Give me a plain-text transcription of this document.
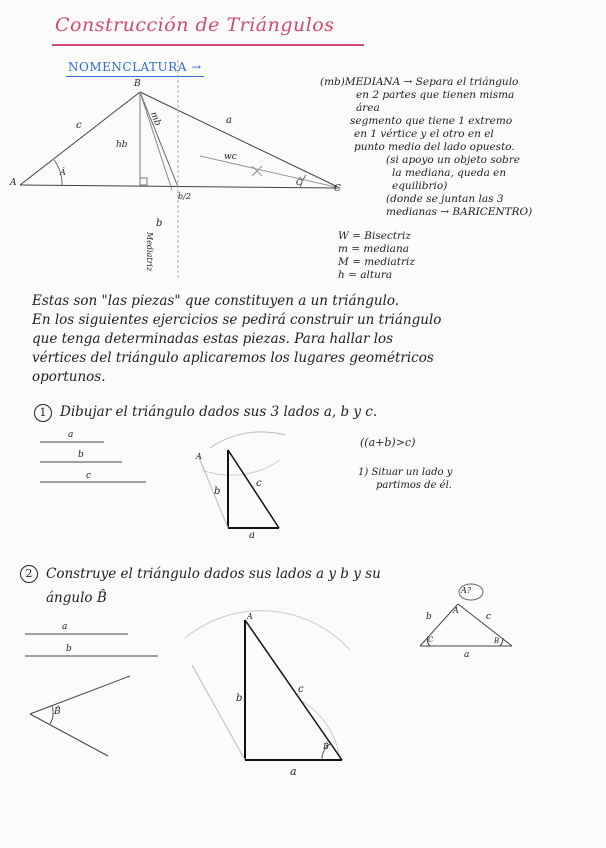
Construcción de Triángulos
NOMENCLATURA →
A
B
C
c	a
b
Â
Ĉ
hb
mb
wc
b/2
Mediatriz
(mb)MEDIANA → Separa el triángulo
en 2 partes que tienen misma
área
segmento que tiene 1 extremo
en 1 vértice y el otro en el
punto medio del lado opuesto.
(si apoyo un objeto sobre
la mediana, queda en
equilibrio)
(donde se juntan las 3
medianas → BARICENTRO)
W = Bisectriz
m = mediana
M = mediatriz
h = altura
Estas son "las piezas" que constituyen a un triángulo.
En los siguientes ejercicios se pedirá construir un triángulo
que tenga determinadas estas piezas. Para hallar los
vértices del triángulo aplicaremos los lugares geométricos
oportunos.
1	Dibujar el triángulo dados sus 3 lados a, b y c.
a
b
c
((a+b)>c)
1) Situar un lado y
partimos de él.
A
b
c
a
2	Construye el triángulo dados sus lados a y b y su
ángulo B̂
a
b
B̂
A
b
c
a
B̂
A?
A
C	B
b	c
a
